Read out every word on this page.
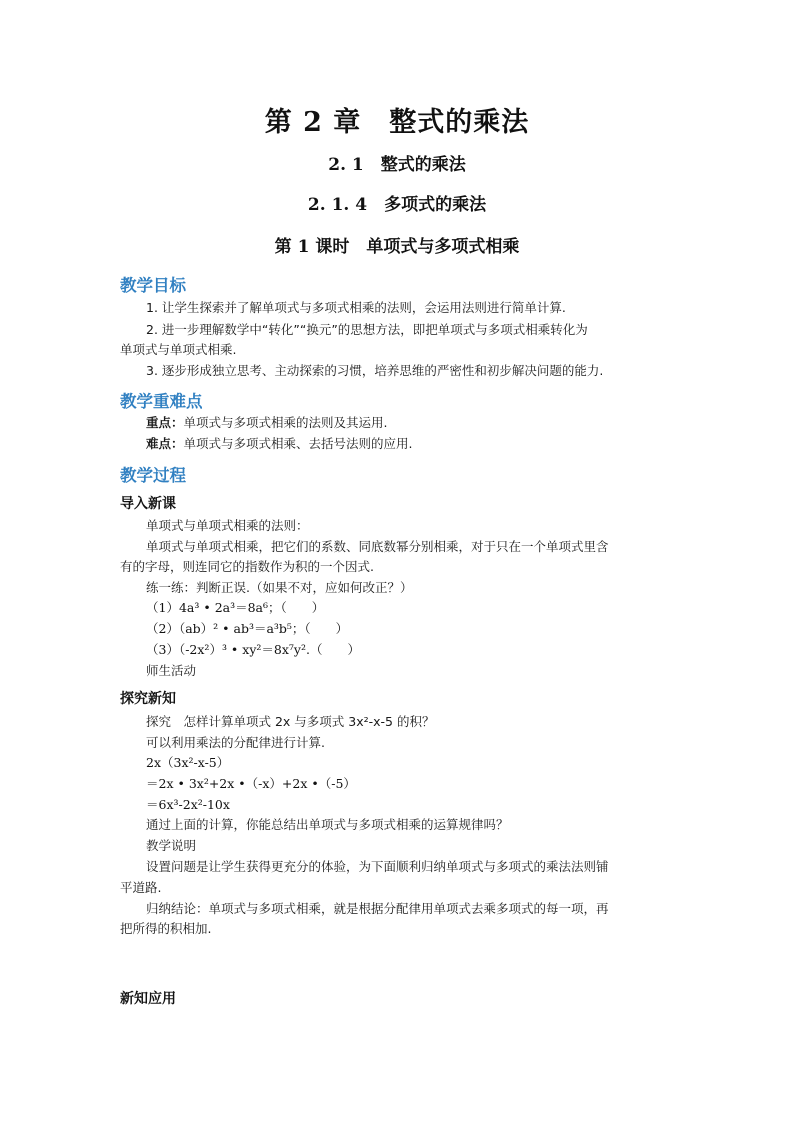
第 2 章　整式的乘法
2. 1　整式的乘法
2. 1. 4　多项式的乘法
第 1 课时　单项式与多项式相乘
教学目标
1. 让学生探索并了解单项式与多项式相乘的法则，会运用法则进行简单计算.
2. 进一步理解数学中“转化”“换元”的思想方法，即把单项式与多项式相乘转化为
单项式与单项式相乘.
3. 逐步形成独立思考、主动探索的习惯，培养思维的严密性和初步解决问题的能力.
教学重难点
重点：单项式与多项式相乘的法则及其运用.
难点：单项式与多项式相乘、去括号法则的应用.
教学过程
导入新课
单项式与单项式相乘的法则：
单项式与单项式相乘，把它们的系数、同底数幂分别相乘，对于只在一个单项式里含
有的字母，则连同它的指数作为积的一个因式.
练一练：判断正误.（如果不对，应如何改正？）
（1）4a³ • 2a³＝8a⁶；（　　）
（2）（ab）² • ab³＝a³b⁵；（　　）
（3）（-2x²）³ • xy²＝8x⁷y².（　　）
师生活动
探究新知
探究　怎样计算单项式 2x 与多项式 3x²-x-5 的积？
可以利用乘法的分配律进行计算.
2x（3x²-x-5）
＝2x • 3x²+2x •（-x）+2x •（-5）
＝6x³-2x²-10x
通过上面的计算，你能总结出单项式与多项式相乘的运算规律吗？
教学说明
设置问题是让学生获得更充分的体验，为下面顺利归纳单项式与多项式的乘法法则铺
平道路.
归纳结论：单项式与多项式相乘，就是根据分配律用单项式去乘多项式的每一项，再
把所得的积相加.
新知应用
